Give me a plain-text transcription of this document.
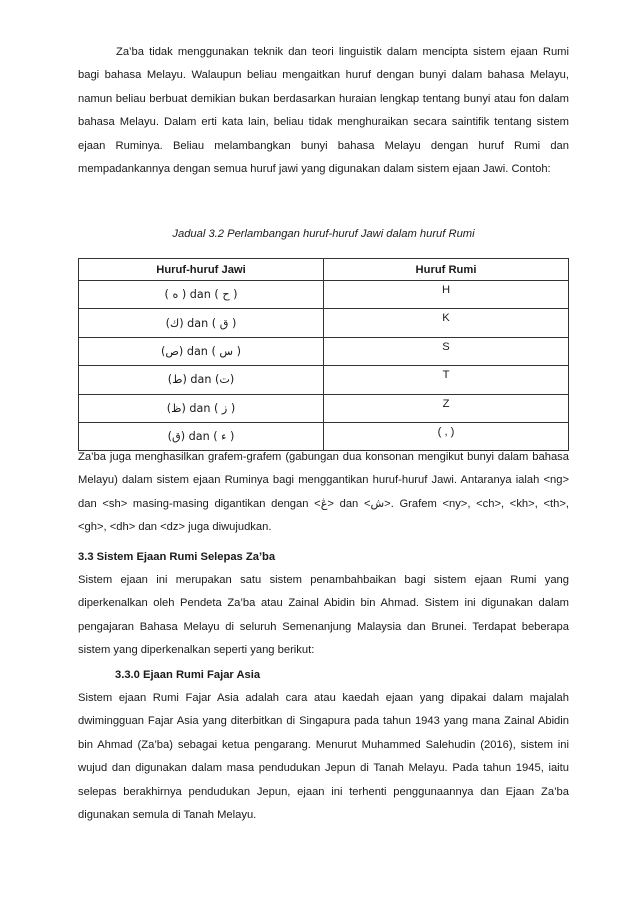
Za’ba tidak menggunakan teknik dan teori linguistik dalam mencipta sistem ejaan Rumi bagi bahasa Melayu. Walaupun beliau mengaitkan huruf dengan bunyi dalam bahasa Melayu, namun beliau berbuat demikian bukan berdasarkan huraian lengkap tentang bunyi atau fon dalam bahasa Melayu. Dalam erti kata lain, beliau tidak menghuraikan secara saintifik tentang sistem ejaan Ruminya. Beliau melambangkan bunyi bahasa Melayu dengan huruf Rumi dan mempadankannya dengan semua huruf jawi yang digunakan dalam sistem ejaan Jawi. Contoh:

Jadual 3.2 Perlambangan huruf-huruf Jawi dalam huruf Rumi

Huruf-huruf Jawi	Huruf Rumi
( ه ) dan ( ح )	H
(ك) dan ( ق )	K
(ص) dan ( س )	S
(ط) dan (ت)	T
(ظ) dan ( ز )	Z
(ق) dan ( ء )	( , )

Za’ba juga menghasilkan grafem-grafem (gabungan dua konsonan mengikut bunyi dalam bahasa Melayu) dalam sistem ejaan Ruminya bagi menggantikan huruf-huruf Jawi. Antaranya ialah <ng> dan <sh> masing-masing digantikan dengan <ڠ> dan <ش>. Grafem <ny>, <ch>, <kh>, <th>, <gh>, <dh> dan <dz> juga diwujudkan.

3.3 Sistem Ejaan Rumi Selepas Za’ba

Sistem ejaan ini merupakan satu sistem penambahbaikan bagi sistem ejaan Rumi yang diperkenalkan oleh Pendeta Za’ba atau Zainal Abidin bin Ahmad. Sistem ini digunakan dalam pengajaran Bahasa Melayu di seluruh Semenanjung Malaysia dan Brunei. Terdapat beberapa sistem yang diperkenalkan seperti yang berikut:

3.3.0 Ejaan Rumi Fajar Asia

Sistem ejaan Rumi Fajar Asia adalah cara atau kaedah ejaan yang dipakai dalam majalah dwimingguan Fajar Asia yang diterbitkan di Singapura pada tahun 1943 yang mana Zainal Abidin bin Ahmad (Za’ba) sebagai ketua pengarang. Menurut Muhammed Salehudin (2016), sistem ini wujud dan digunakan dalam masa pendudukan Jepun di Tanah Melayu. Pada tahun 1945, iaitu selepas berakhirnya pendudukan Jepun, ejaan ini terhenti penggunaannya dan Ejaan Za’ba digunakan semula di Tanah Melayu.
